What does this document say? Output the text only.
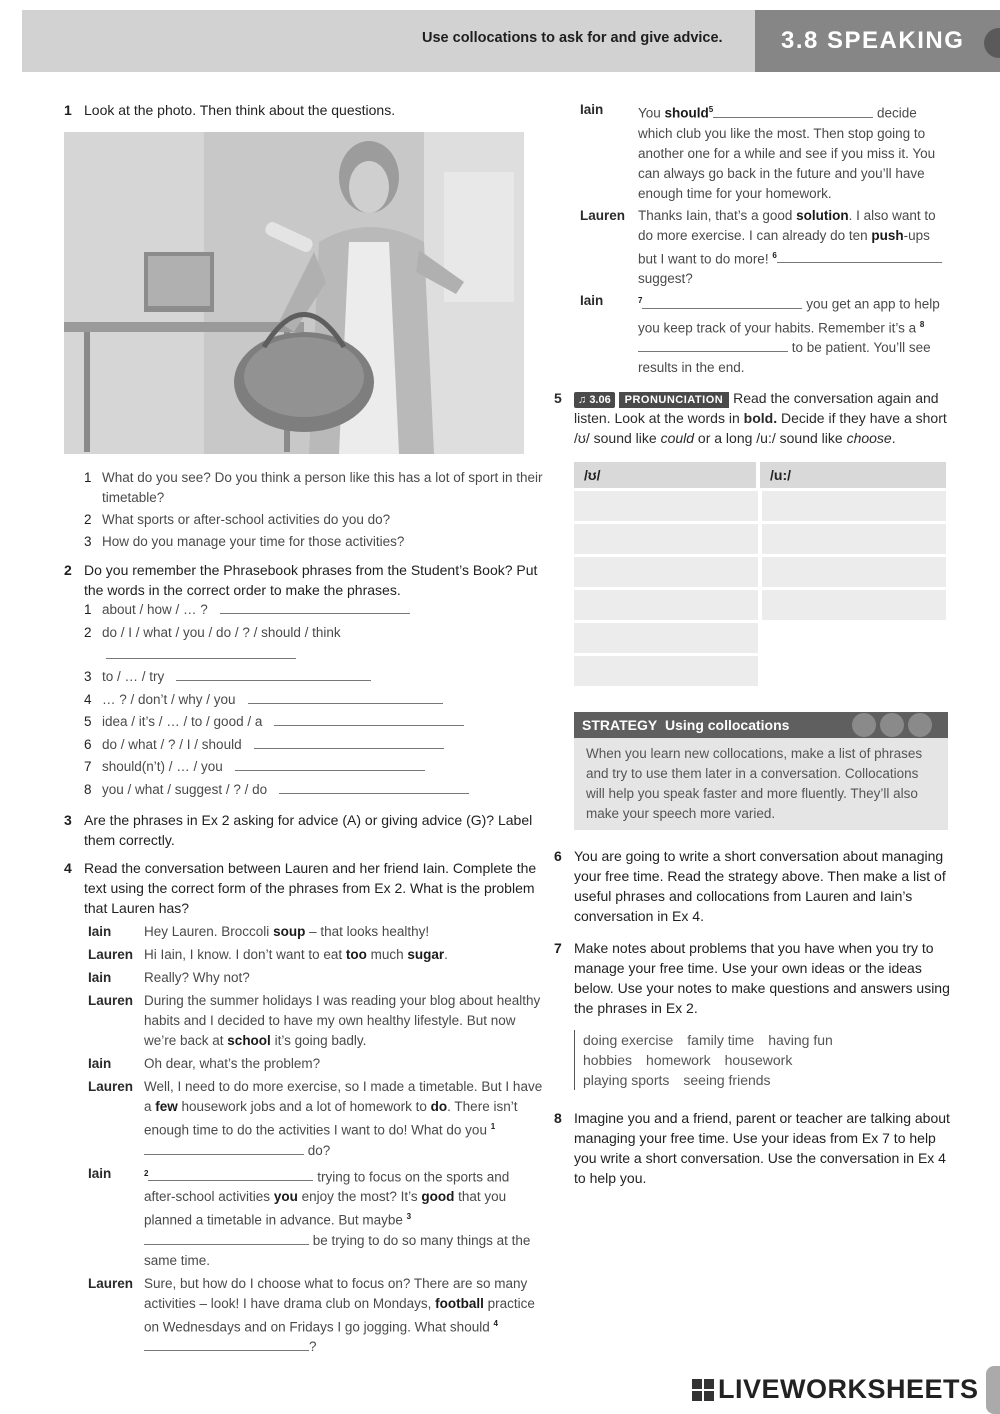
Use collocations to ask for and give advice. 3.8 SPEAKING
1 Look at the photo. Then think about the questions.
1 What do you see? Do you think a person like this has a lot of sport in their timetable?
2 What sports or after-school activities do you do?
3 How do you manage your time for those activities?
2 Do you remember the Phrasebook phrases from the Student’s Book? Put the words in the correct order to make the phrases.
1 about / how / … ?
2 do / I / what / you / do / ? / should / think
3 to / … / try
4 … ? / don’t / why / you
5 idea / it’s / … / to / good / a
6 do / what / ? / I / should
7 should(n’t) / … / you
8 you / what / suggest / ? / do
3 Are the phrases in Ex 2 asking for advice (A) or giving advice (G)? Label them correctly.
4 Read the conversation between Lauren and her friend Iain. Complete the text using the correct form of the phrases from Ex 2. What is the problem that Lauren has?
Iain	Hey Lauren. Broccoli soup – that looks healthy!
Lauren Hi Iain, I know. I don’t want to eat too much sugar.
Iain	Really? Why not?
Lauren During the summer holidays I was reading your blog about healthy habits and I decided to have my own healthy lifestyle. But now we’re back at school it’s going badly.
Iain	Oh dear, what’s the problem?
Lauren Well, I need to do more exercise, so I made a timetable. But I have a few housework jobs and a lot of homework to do. There isn’t enough time to do the activities I want to do! What do you $^1$ do?
Iain	$^2$	trying to focus on the sports and after-school activities you enjoy the most? It’s good that you planned a timetable in advance. But maybe $^3$ be trying to do so many things at the same time.
Lauren Sure, but how do I choose what to focus on? There are so many activities – look! I have drama club on Mondays, football practice on Wednesdays and on Fridays I go jogging. What should $^4$?
Iain	You should$^5$	decide which club you like the most. Then stop going to another one for a while and see if you miss it. You can always go back in the future and you’ll have enough time for your homework.
Lauren Thanks Iain, that’s a good solution. I also want to do more exercise. I can already do ten push-ups but I want to do more! $^6$ suggest?
Iain	$^7$	you get an app to help you keep track of your habits. Remember it’s a $^8$ to be patient. You’ll see results in the end.
5	♫ 3.06 PRONUNCIATION Read the conversation again and listen. Look at the words in bold. Decide if they have a short /ʊ/ sound like could or a long /u:/ sound like choose.
/ʊ/	/u:/
STRATEGY Using collocations
When you learn new collocations, make a list of phrases and try to use them later in a conversation. Collocations will help you speak faster and more fluently. They’ll also make your speech more varied.
6 You are going to write a short conversation about managing your free time. Read the strategy above. Then make a list of useful phrases and collocations from Lauren and Iain’s conversation in Ex 4.
7 Make notes about problems that you have when you try to manage your free time. Use your own ideas or the ideas below. Use your notes to make questions and answers using the phrases in Ex 2.
doing exercise family time having fun
hobbies homework housework
playing sports seeing friends
8 Imagine you and a friend, parent or teacher are talking about managing your free time. Use your ideas from Ex 7 to help you write a short conversation. Use the conversation in Ex 4 to help you.
LIVEWORKSHEETS
